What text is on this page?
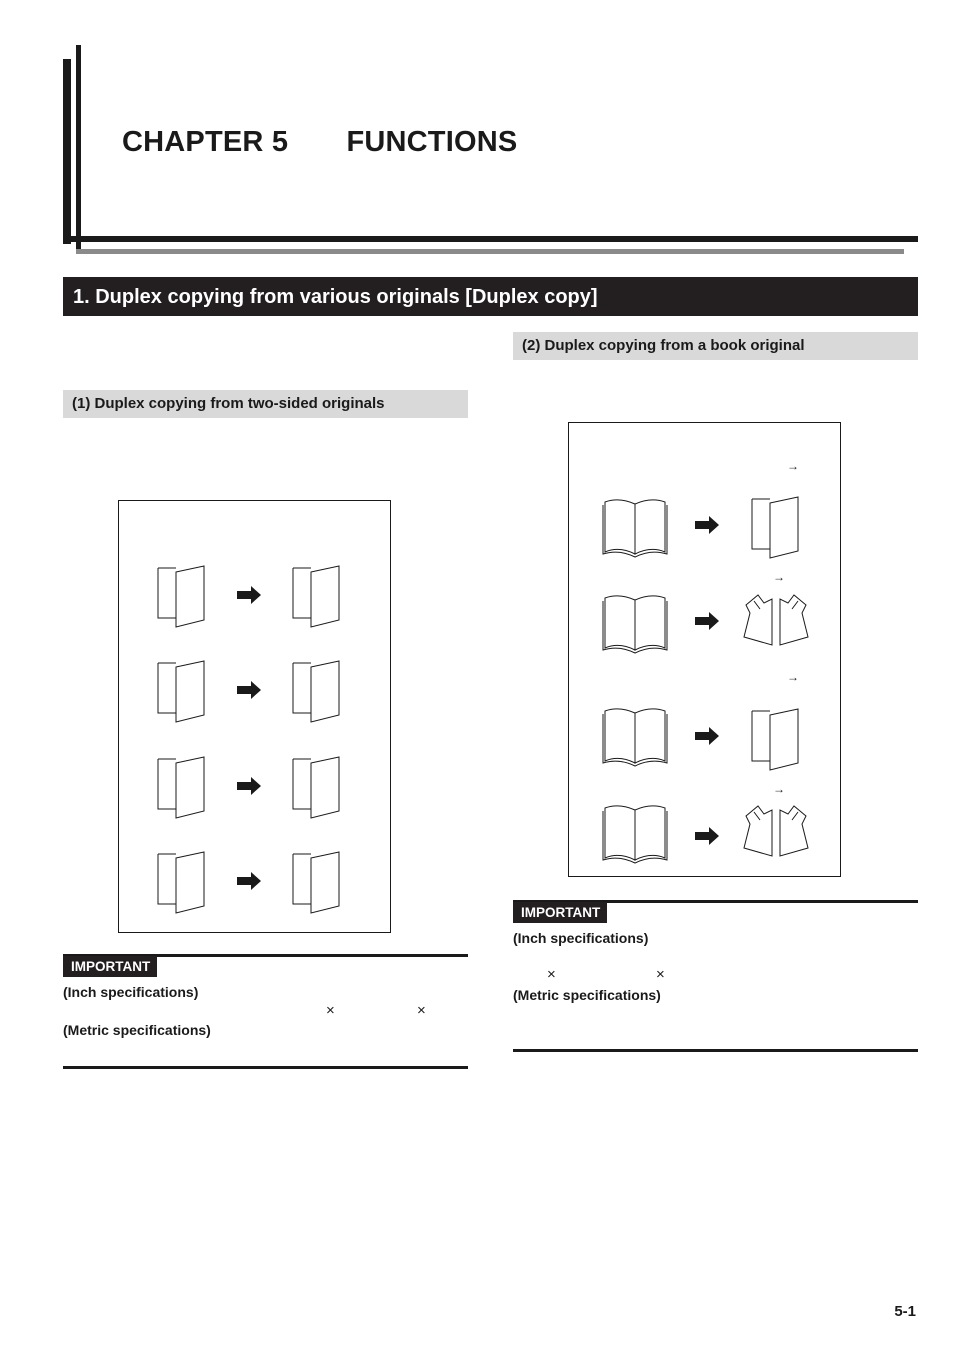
CHAPTER 5 FUNCTIONS
1. Duplex copying from various originals [Duplex copy]
(1) Duplex copying from two-sided originals
IMPORTANT
(Inch specifications)
×	×
(Metric specifications)
(2) Duplex copying from a book original
→
→
→
→
IMPORTANT
(Inch specifications)
×	×
(Metric specifications)
5-1
